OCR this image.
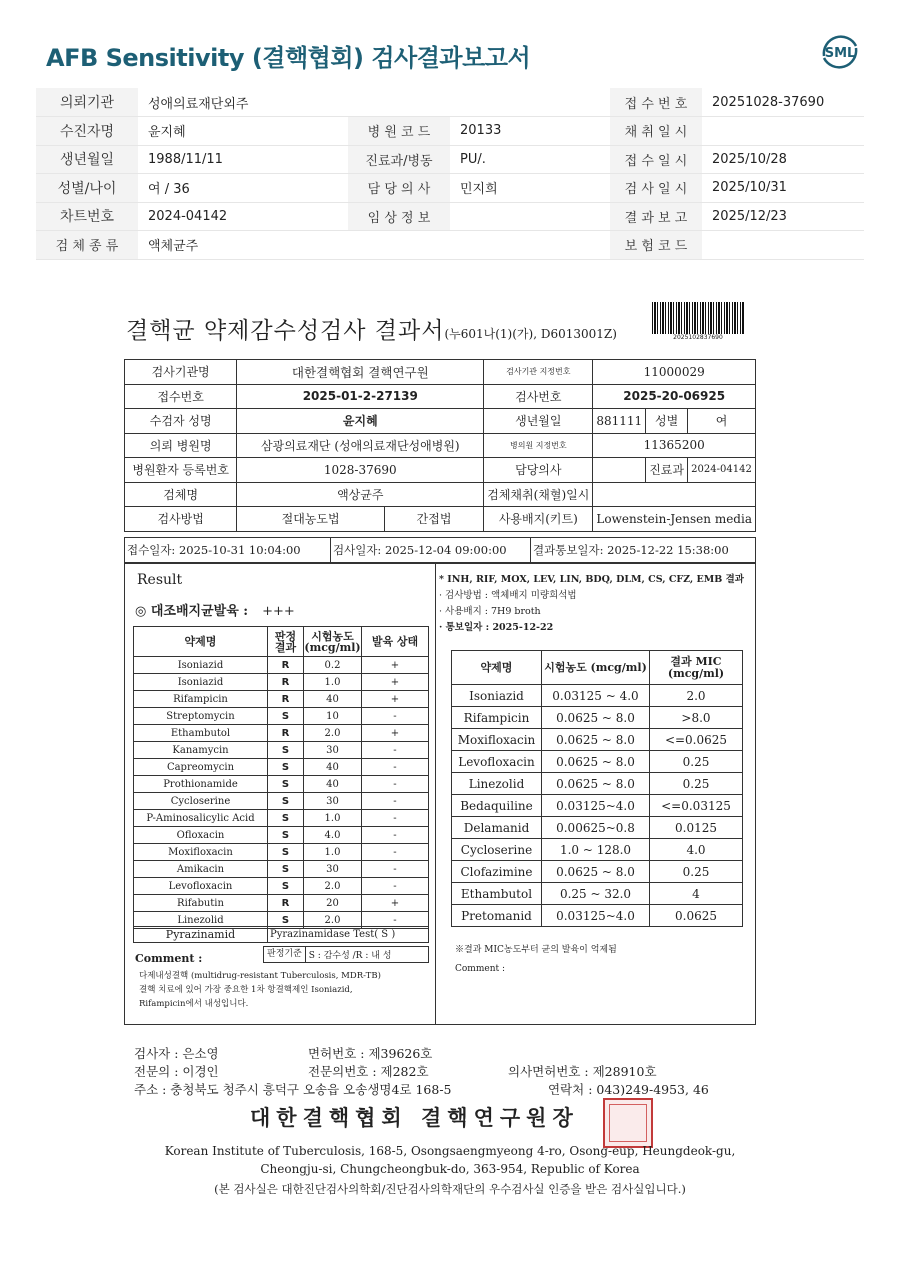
AFB Sensitivity (결핵협회) 검사결과보고서	SML
의뢰기관	성애의료재단외주			접 수 번 호	20251028-37690
수진자명	윤지혜	병 원 코 드	20133	채 취 일 시	
생년월일	1988/11/11	진료과/병동	PU/.	접 수 일 시	2025/10/28
성별/나이	여 / 36	담 당 의 사	민지희	검 사 일 시	2025/10/31
차트번호	2024-04142	임 상 정 보		결 과 보 고	2025/12/23
검 체 종 류	액체균주			보 험 코 드	
결핵균 약제감수성검사 결과서(누601나(1)(가), D6013001Z)	2025102837690
검사기관명	대한결핵협회 결핵연구원		검사기관 지정번호	11000029		
접수번호	2025-01-2-27139		검사번호	2025-20-06925		
수검자 성명	윤지혜		생년월일	881111	성별	여
의뢰 병원명	삼광의료재단 (성애의료재단성애병원)		병의원 지정번호	11365200		
병원환자 등록번호	1028-37690		담당의사		진료과	2024-04142
검체명	액상균주		검체채취(채혈)일시			
검사방법	절대농도법	간접법	사용배지(키트)	Lowenstein-Jensen media		
접수일자: 2025-10-31 10:04:00	검사일자: 2025-12-04 09:00:00	결과통보일자: 2025-12-22 15:38:00
Result
◎ 대조배지균발육 : +++
약제명	판정 결과	시험농도 (mcg/ml)	발육 상태
Isoniazid	R	0.2	+
Isoniazid	R	1.0	+
Rifampicin	R	40	+
Streptomycin	S	10	-
Ethambutol	R	2.0	+
Kanamycin	S	30	-
Capreomycin	S	40	-
Prothionamide	S	40	-
Cycloserine	S	30	-
P-Aminosalicylic Acid	S	1.0	-
Ofloxacin	S	4.0	-
Moxifloxacin	S	1.0	-
Amikacin	S	30	-
Levofloxacin	S	2.0	-
Rifabutin	R	20	+
Linezolid	S	2.0	-
Pyrazinamid	Pyrazinamidase Test( S )
판정기준 S : 감수성 /R : 내 성
Comment :
다제내성결핵 (multidrug-resistant Tuberculosis, MDR-TB)
결핵 치료에 있어 가장 중요한 1차 항결핵제인 Isoniazid,
Rifampicin에서 내성입니다.
* INH, RIF, MOX, LEV, LIN, BDQ, DLM, CS, CFZ, EMB 결과
· 검사방법 : 액체배지 미량희석법
· 사용배지 : 7H9 broth
· 통보일자 : 2025-12-22
약제명	시험농도 (mcg/ml)	결과 MIC (mcg/ml)
Isoniazid	0.03125 ~ 4.0	2.0
Rifampicin	0.0625 ~ 8.0	>8.0
Moxifloxacin	0.0625 ~ 8.0	<=0.0625
Levofloxacin	0.0625 ~ 8.0	0.25
Linezolid	0.0625 ~ 8.0	0.25
Bedaquiline	0.03125~4.0	<=0.03125
Delamanid	0.00625~0.8	0.0125
Cycloserine	1.0 ~ 128.0	4.0
Clofazimine	0.0625 ~ 8.0	0.25
Ethambutol	0.25 ~ 32.0	4
Pretomanid	0.03125~4.0	0.0625
※결과 MIC농도부터 균의 발육이 억제됨
Comment :
검사자 : 은소영	면허번호 : 제39626호
전문의 : 이경인	전문의번호 : 제282호	의사면허번호 : 제28910호
주소 : 충청북도 청주시 흥덕구 오송읍 오송생명4로 168-5	연락처 : 043)249-4953, 46
대한결핵협회 결핵연구원장
Korean Institute of Tuberculosis, 168-5, Osongsaengmyeong 4-ro, Osong-eup, Heungdeok-gu,
Cheongju-si, Chungcheongbuk-do, 363-954, Republic of Korea
(본 검사실은 대한진단검사의학회/진단검사의학재단의 우수검사실 인증을 받은 검사실입니다.)
